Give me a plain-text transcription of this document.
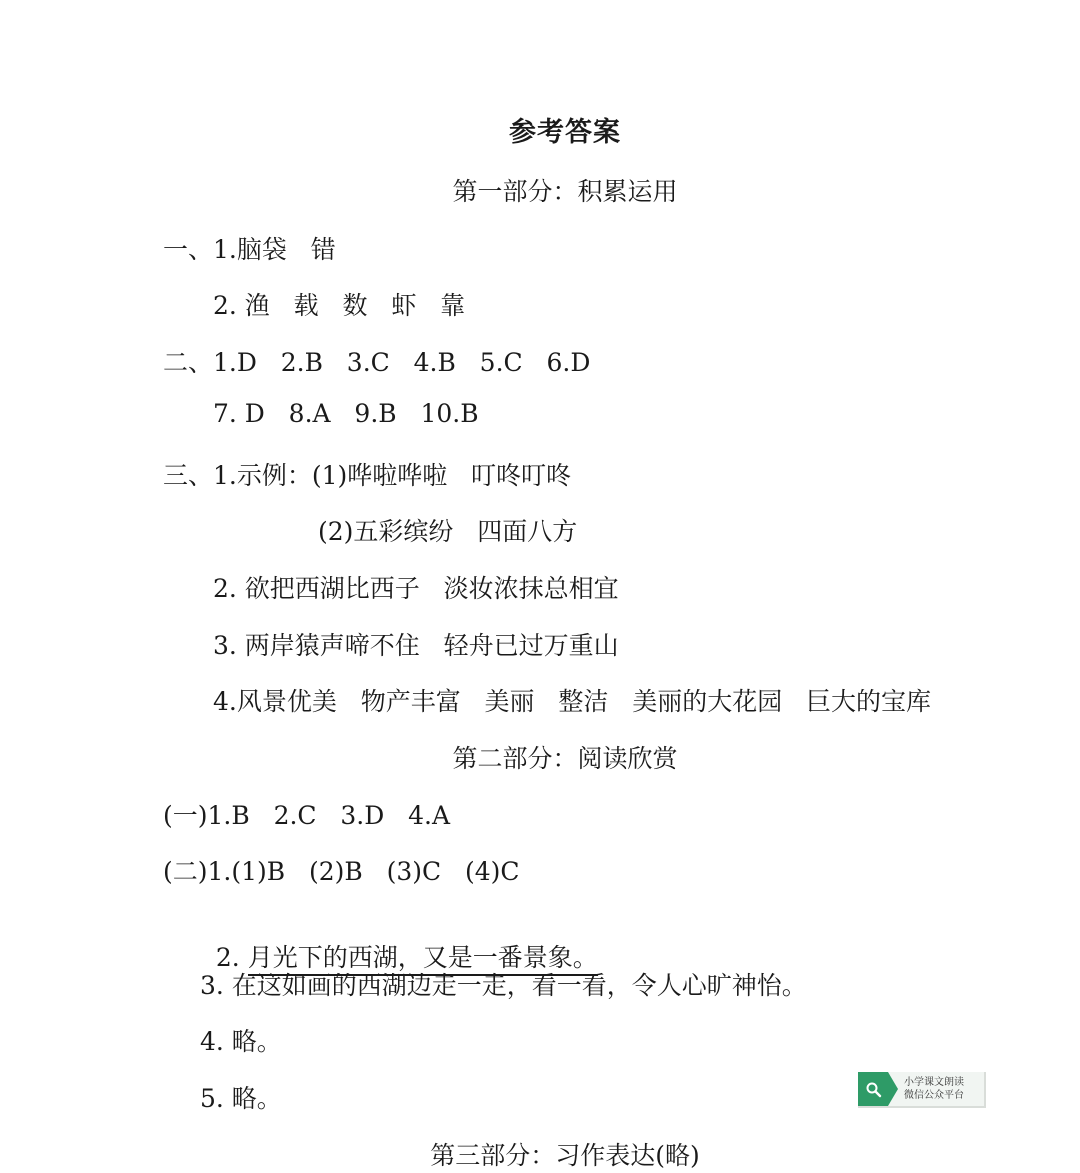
参考答案
第一部分：积累运用
一、1.脑袋   错
2. 渔   载   数   虾   靠
二、1.D   2.B   3.C   4.B   5.C   6.D
7. D   8.A   9.B   10.B
三、1.示例：(1)哗啦哗啦   叮咚叮咚
(2)五彩缤纷   四面八方
2. 欲把西湖比西子   淡妆浓抹总相宜
3. 两岸猿声啼不住   轻舟已过万重山
4.风景优美   物产丰富   美丽   整洁   美丽的大花园   巨大的宝库
第二部分：阅读欣赏
(一)1.B   2.C   3.D   4.A
(二)1.(1)B   (2)B   (3)C   (4)C

2. 月光下的西湖，又是一番景象。

3. 在这如画的西湖边走一走，看一看，令人心旷神怡。
4. 略。
5. 略。
小学课文朗读
微信公众平台
第三部分：习作表达(略)
